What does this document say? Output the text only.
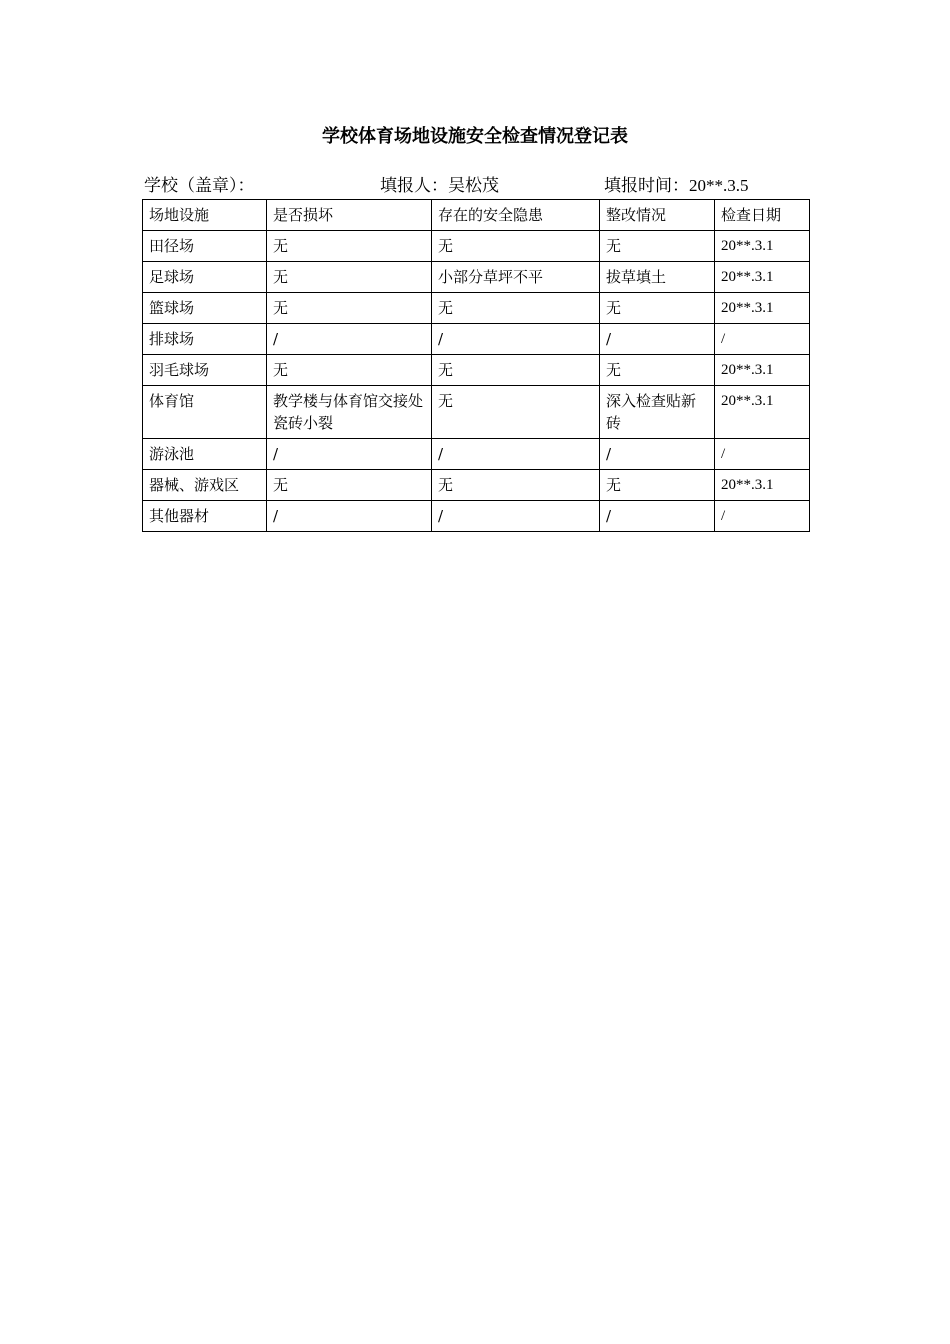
学校体育场地设施安全检查情况登记表
学校（盖章）：	填报人：吴松茂	填报时间：20**.3.5
场地设施	是否损坏	存在的安全隐患	整改情况	检查日期
田径场	无	无	无	20**.3.1
足球场	无	小部分草坪不平	拔草填土	20**.3.1
篮球场	无	无	无	20**.3.1
排球场	/	/	/	/
羽毛球场	无	无	无	20**.3.1
体育馆	教学楼与体育馆交接处瓷砖小裂	无	深入检查贴新砖	20**.3.1
游泳池	/	/	/	/
器械、游戏区	无	无	无	20**.3.1
其他器材	/	/	/	/
